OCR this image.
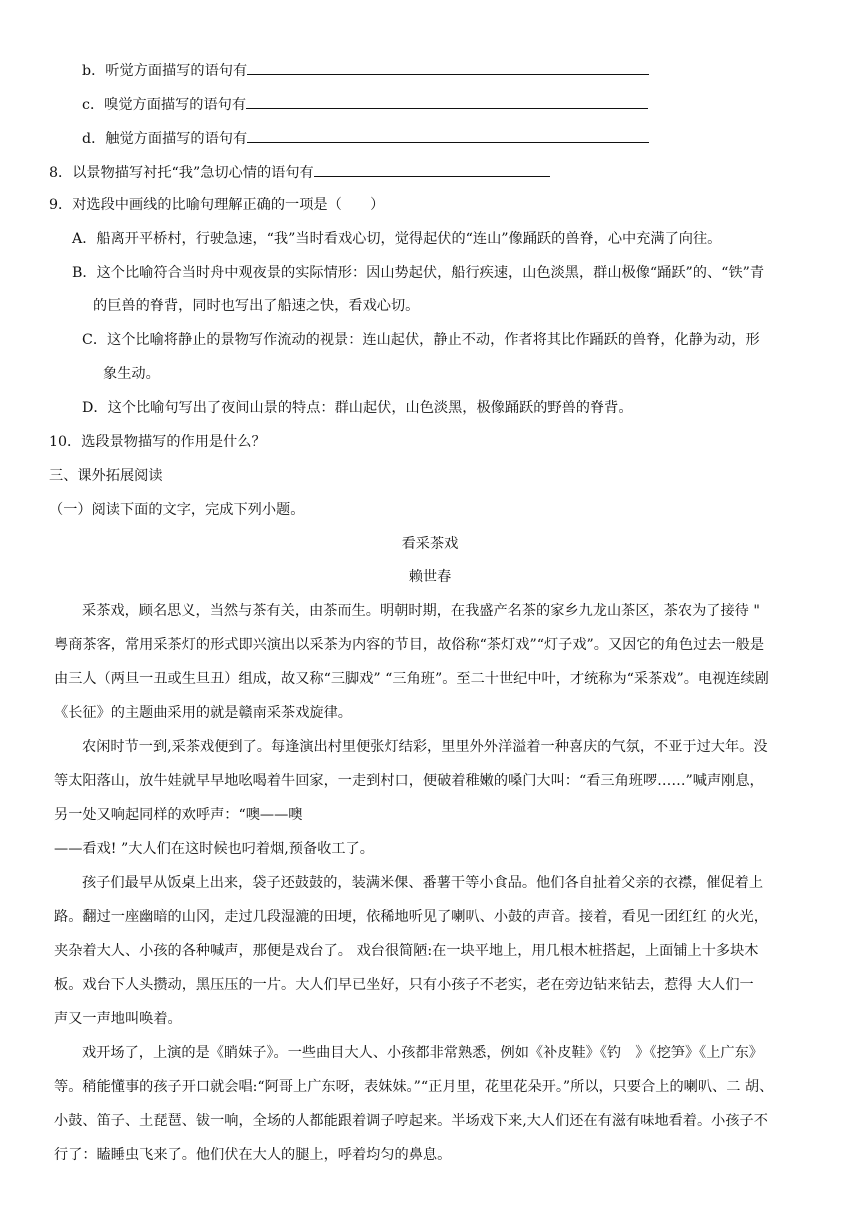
b．听觉方面描写的语句有
c．嗅觉方面描写的语句有
d．触觉方面描写的语句有
8．以景物描写衬托“我”急切心情的语句有
9．对选段中画线的比喻句理解正确的一项是（　　）
A．船离开平桥村，行驶急速，“我”当时看戏心切，觉得起伏的“连山”像踊跃的兽脊，心中充满了向往。
B．这个比喻符合当时舟中观夜景的实际情形：因山势起伏，船行疾速，山色淡黑，群山极像“踊跃”的、“铁”青
的巨兽的脊背，同时也写出了船速之快，看戏心切。
C．这个比喻将静止的景物写作流动的视景：连山起伏，静止不动，作者将其比作踊跃的兽脊，化静为动，形
象生动。
D．这个比喻句写出了夜间山景的特点：群山起伏，山色淡黑，极像踊跃的野兽的脊背。
10．选段景物描写的作用是什么？
三、课外拓展阅读
（一）阅读下面的文字，完成下列小题。
看采茶戏
赖世春
采茶戏，顾名思义，当然与茶有关，由茶而生。明朝时期，在我盛产名茶的家乡九龙山茶区，茶农为了接待 "
粤商茶客，常用采茶灯的形式即兴演出以采茶为内容的节目，故俗称“茶灯戏”“灯子戏”。又因它的角色过去一般是
由三人（两旦一丑或生旦丑）组成，故又称“三脚戏” “三角班”。至二十世纪中叶，才统称为“采茶戏”。电视连续剧
《长征》的主题曲采用的就是赣南采茶戏旋律。
农闲时节一到,采茶戏便到了。每逢演出村里便张灯结彩，里里外外洋溢着一种喜庆的气氛，不亚于过大年。没
等太阳落山，放牛娃就早早地吆喝着牛回家，一走到村口，便破着稚嫩的嗓门大叫：“看三角班啰……”喊声刚息，
另一处又响起同样的欢呼声：“噢——噢
——看戏! ”大人们在这时候也叼着烟,预备收工了。
孩子们最早从饭桌上出来，袋子还鼓鼓的，装满米倮、番薯干等小食品。他们各自扯着父亲的衣襟，催促着上
路。翻过一座幽暗的山冈，走过几段湿漉的田埂，依稀地听见了喇叭、小鼓的声音。接着，看见一团红红 的火光，
夹杂着大人、小孩的各种喊声，那便是戏台了。 戏台很简陋:在一块平地上，用几根木桩搭起，上面铺上十多块木
板。戏台下人头攒动，黑压压的一片。大人们早已坐好，只有小孩子不老实，老在旁边钻来钻去，惹得 大人们一
声又一声地叫唤着。
戏开场了，上演的是《睄妹子》。一些曲目大人、小孩都非常熟悉，例如《补皮鞋》《钓　》《挖笋》《上广东》
等。稍能懂事的孩子开口就会唱:“阿哥上广东呀，表妹妹。”“正月里，花里花朵开。”所以，只要合上的喇叭、二 胡、
小鼓、笛子、土琵琶、钹一响，全场的人都能跟着调子哼起来。半场戏下来,大人们还在有滋有味地看着。小孩子不
行了：瞌睡虫飞来了。他们伏在大人的腿上，呼着均匀的鼻息。
